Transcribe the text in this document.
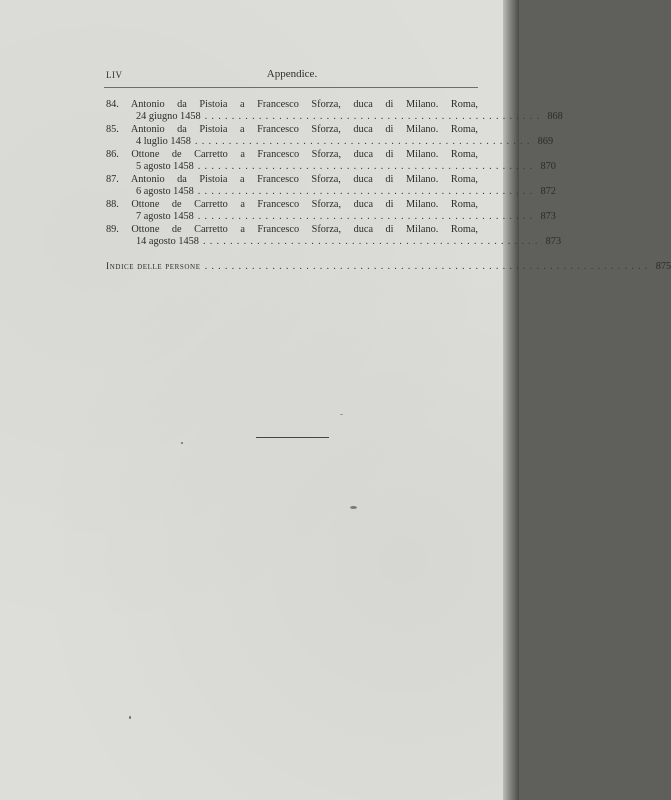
LIV	Appendice.
84. Antonio da Pistoia a Francesco Sforza, duca di Milano. Roma,
24 giugno 1458 .................................................. 868
85. Antonio da Pistoia a Francesco Sforza, duca di Milano. Roma,
4 luglio 1458 .................................................. 869
86. Ottone de Carretto a Francesco Sforza, duca di Milano. Roma,
5 agosto 1458 .................................................. 870
87. Antonio da Pistoia a Francesco Sforza, duca di Milano. Roma,
6 agosto 1458 .................................................. 872
88. Ottone de Carretto a Francesco Sforza, duca di Milano. Roma,
7 agosto 1458 .................................................. 873
89. Ottone de Carretto a Francesco Sforza, duca di Milano. Roma,
14 agosto 1458 .................................................. 873
Indice delle persone .................................................................. 875
